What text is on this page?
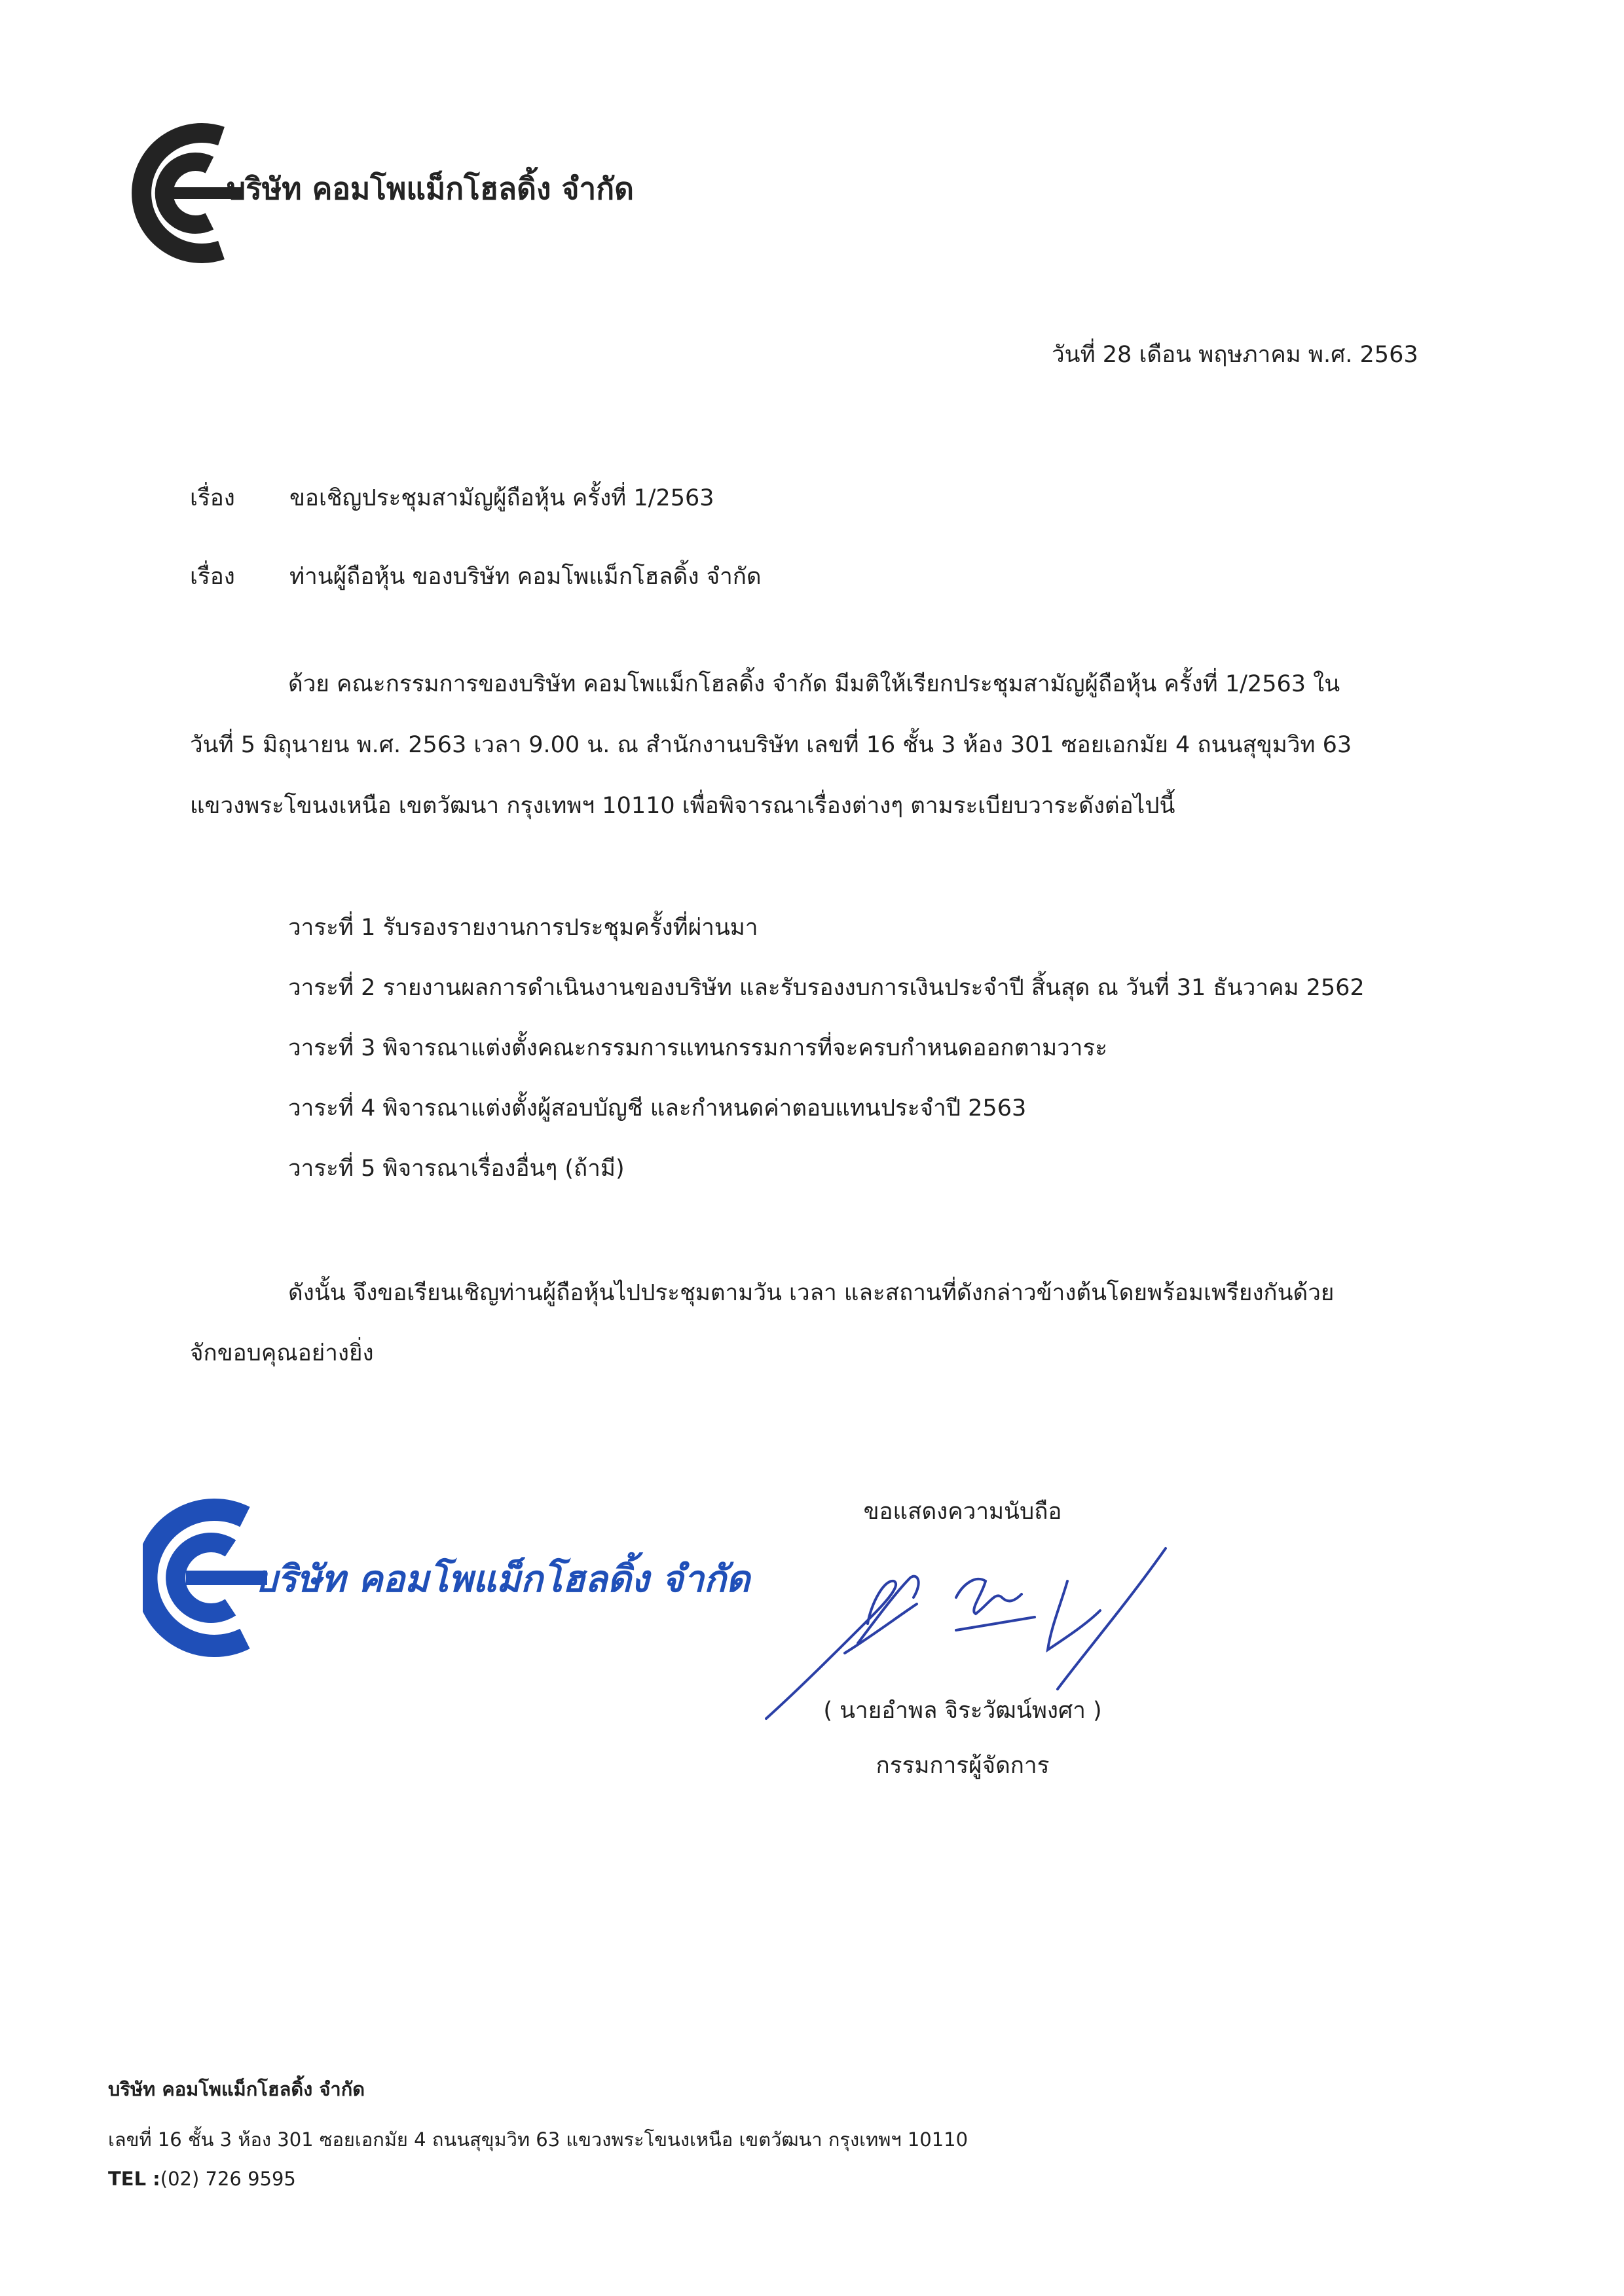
บริษัท คอมโพแม็กโฮลดิ้ง จำกัด
วันที่ 28 เดือน พฤษภาคม พ.ศ. 2563
เรื่อง ขอเชิญประชุมสามัญผู้ถือหุ้น ครั้งที่ 1/2563
เรื่อง ท่านผู้ถือหุ้น ของบริษัท คอมโพแม็กโฮลดิ้ง จำกัด
ด้วย คณะกรรมการของบริษัท คอมโพแม็กโฮลดิ้ง จำกัด มีมติให้เรียกประชุมสามัญผู้ถือหุ้น ครั้งที่ 1/2563 ใน
วันที่ 5 มิถุนายน พ.ศ. 2563 เวลา 9.00 น. ณ สำนักงานบริษัท เลขที่ 16 ชั้น 3 ห้อง 301 ซอยเอกมัย 4 ถนนสุขุมวิท 63
แขวงพระโขนงเหนือ เขตวัฒนา กรุงเทพฯ 10110 เพื่อพิจารณาเรื่องต่างๆ ตามระเบียบวาระดังต่อไปนี้
วาระที่ 1 รับรองรายงานการประชุมครั้งที่ผ่านมา
วาระที่ 2 รายงานผลการดำเนินงานของบริษัท และรับรองงบการเงินประจำปี สิ้นสุด ณ วันที่ 31 ธันวาคม 2562
วาระที่ 3 พิจารณาแต่งตั้งคณะกรรมการแทนกรรมการที่จะครบกำหนดออกตามวาระ
วาระที่ 4 พิจารณาแต่งตั้งผู้สอบบัญชี และกำหนดค่าตอบแทนประจำปี 2563
วาระที่ 5 พิจารณาเรื่องอื่นๆ (ถ้ามี)
ดังนั้น จึงขอเรียนเชิญท่านผู้ถือหุ้นไปประชุมตามวัน เวลา และสถานที่ดังกล่าวข้างต้นโดยพร้อมเพรียงกันด้วย
จักขอบคุณอย่างยิ่ง
บริษัท คอมโพแม็กโฮลดิ้ง จำกัด
ขอแสดงความนับถือ
( นายอำพล จิระวัฒน์พงศา )
กรรมการผู้จัดการ
บริษัท คอมโพแม็กโฮลดิ้ง จำกัด
เลขที่ 16 ชั้น 3 ห้อง 301 ซอยเอกมัย 4 ถนนสุขุมวิท 63 แขวงพระโขนงเหนือ เขตวัฒนา กรุงเทพฯ 10110
TEL :(02) 726 9595
